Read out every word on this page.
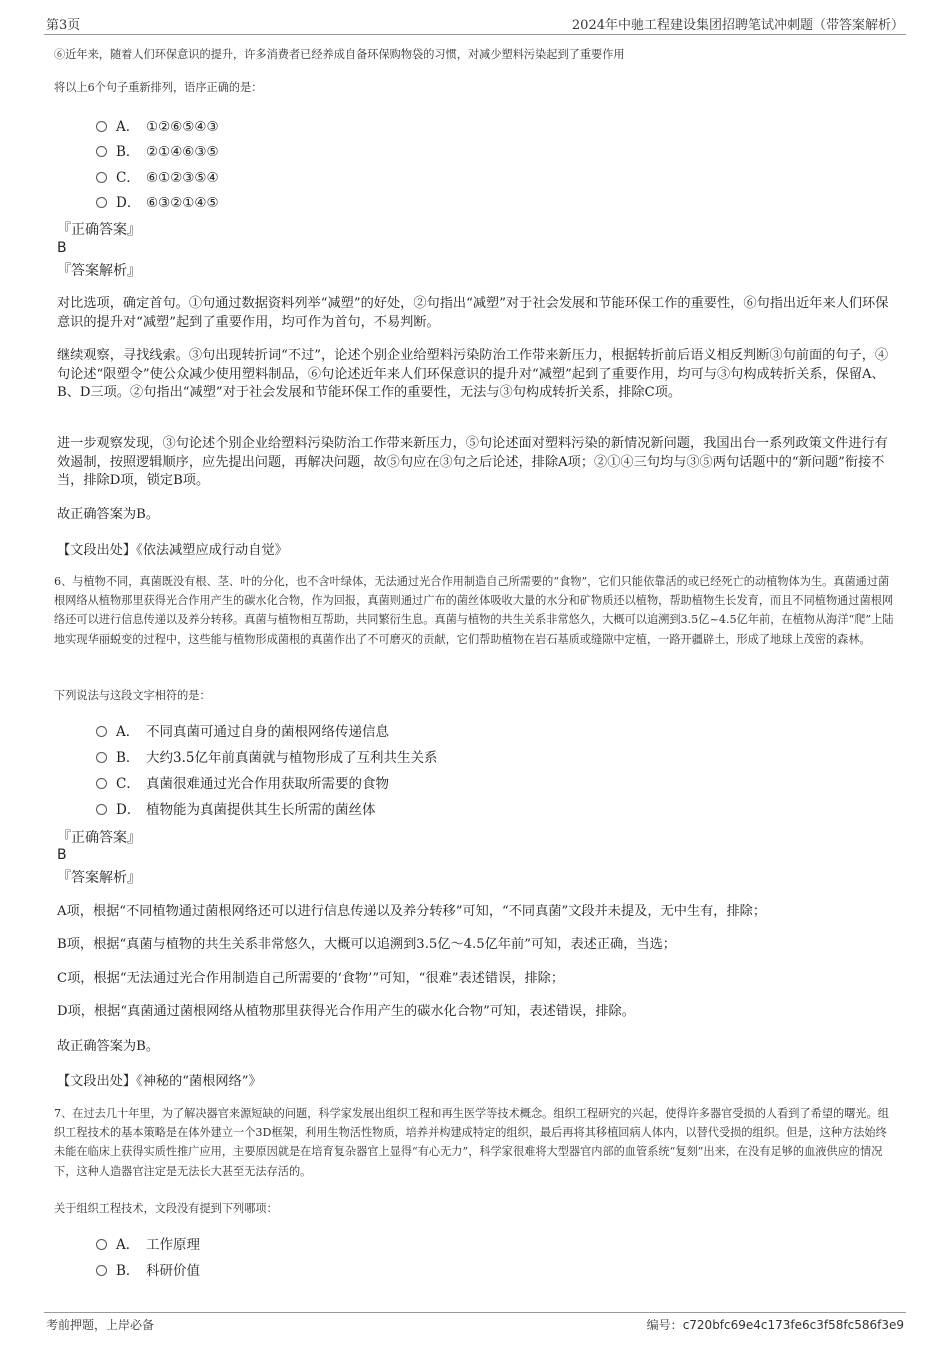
第3页	2024年中驰工程建设集团招聘笔试冲刺题（带答案解析）
⑥近年来，随着人们环保意识的提升，许多消费者已经养成自备环保购物袋的习惯，对减少塑料污染起到了重要作用
将以上6个句子重新排列，语序正确的是：
A． ①②⑥⑤④③
B． ②①④⑥③⑤
C． ⑥①②③⑤④
D． ⑥③②①④⑤
『正确答案』
B
『答案解析』
对比选项，确定首句。①句通过数据资料列举“减塑”的好处，②句指出“减塑”对于社会发展和节能环保工作的重要性，⑥句指出近年来人们环保意识的提升对“减塑”起到了重要作用，均可作为首句，不易判断。
继续观察，寻找线索。③句出现转折词“不过”，论述个别企业给塑料污染防治工作带来新压力，根据转折前后语义相反判断③句前面的句子，④句论述“限塑令”使公众减少使用塑料制品，⑥句论述近年来人们环保意识的提升对“减塑”起到了重要作用，均可与③句构成转折关系，保留A、B、D三项。②句指出“减塑”对于社会发展和节能环保工作的重要性，无法与③句构成转折关系，排除C项。
进一步观察发现，③句论述个别企业给塑料污染防治工作带来新压力，⑤句论述面对塑料污染的新情况新问题，我国出台一系列政策文件进行有效遏制，按照逻辑顺序，应先提出问题，再解决问题，故⑤句应在③句之后论述，排除A项；②①④三句均与③⑤两句话题中的“新问题”衔接不当，排除D项，锁定B项。
故正确答案为B。
【文段出处】《依法减塑应成行动自觉》
6、与植物不同，真菌既没有根、茎、叶的分化，也不含叶绿体，无法通过光合作用制造自己所需要的“食物”，它们只能依靠活的或已经死亡的动植物体为生。真菌通过菌根网络从植物那里获得光合作用产生的碳水化合物，作为回报，真菌则通过广布的菌丝体吸收大量的水分和矿物质还以植物，帮助植物生长发育，而且不同植物通过菌根网络还可以进行信息传递以及养分转移。真菌与植物相互帮助，共同繁衍生息。真菌与植物的共生关系非常悠久，大概可以追溯到3.5亿~4.5亿年前，在植物从海洋“爬”上陆地实现华丽蜕变的过程中，这些能与植物形成菌根的真菌作出了不可磨灭的贡献，它们帮助植物在岩石基质或缝隙中定植，一路开疆辟土，形成了地球上茂密的森林。
下列说法与这段文字相符的是：
A． 不同真菌可通过自身的菌根网络传递信息
B． 大约3.5亿年前真菌就与植物形成了互利共生关系
C． 真菌很难通过光合作用获取所需要的食物
D． 植物能为真菌提供其生长所需的菌丝体
『正确答案』
B
『答案解析』
A项，根据“不同植物通过菌根网络还可以进行信息传递以及养分转移”可知，“不同真菌”文段并未提及，无中生有，排除；
B项，根据“真菌与植物的共生关系非常悠久，大概可以追溯到3.5亿～4.5亿年前”可知，表述正确，当选；
C项，根据“无法通过光合作用制造自己所需要的‘食物’”可知，“很难”表述错误，排除；
D项，根据“真菌通过菌根网络从植物那里获得光合作用产生的碳水化合物”可知，表述错误，排除。
故正确答案为B。
【文段出处】《神秘的“菌根网络”》
7、在过去几十年里，为了解决器官来源短缺的问题，科学家发展出组织工程和再生医学等技术概念。组织工程研究的兴起，使得许多器官受损的人看到了希望的曙光。组织工程技术的基本策略是在体外建立一个3D框架，利用生物活性物质，培养并构建成特定的组织，最后再将其移植回病人体内，以替代受损的组织。但是，这种方法始终未能在临床上获得实质性推广应用，主要原因就是在培育复杂器官上显得“有心无力”，科学家很难将大型器官内部的血管系统“复刻”出来，在没有足够的血液供应的情况下，这种人造器官注定是无法长大甚至无法存活的。
关于组织工程技术，文段没有提到下列哪项：
A． 工作原理
B． 科研价值
考前押题，上岸必备	编号：c720bfc69e4c173fe6c3f58fc586f3e9
